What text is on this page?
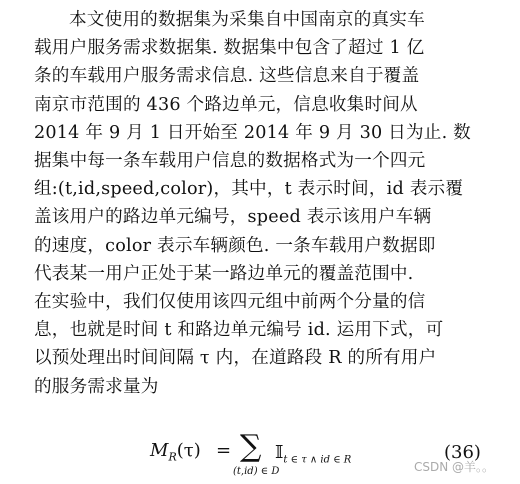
本文使用的数据集为采集自中国南京的真实车
载用户服务需求数据集. 数据集中包含了超过 1 亿
条的车载用户服务需求信息. 这些信息来自于覆盖
南京市范围的 436 个路边单元，信息收集时间从
2014 年 9 月 1 日开始至 2014 年 9 月 30 日为止. 数
据集中每一条车载用户信息的数据格式为一个四元
组:(t,id,speed,color)，其中，t 表示时间，id 表示覆
盖该用户的路边单元编号，speed 表示该用户车辆
的速度，color 表示车辆颜色. 一条车载用户数据即
代表某一用户正处于某一路边单元的覆盖范围中.
在实验中，我们仅使用该四元组中前两个分量的信
息，也就是时间 t 和路边单元编号 id. 运用下式，可
以预处理出时间间隔 τ 内，在道路段 R 的所有用户
的服务需求量为

$M_R(\tau)$ = ∑
(t,id) ∈ D
𝕀$_{t \in \tau \wedge id \in R}$	(36)
CSDN @羊。。
